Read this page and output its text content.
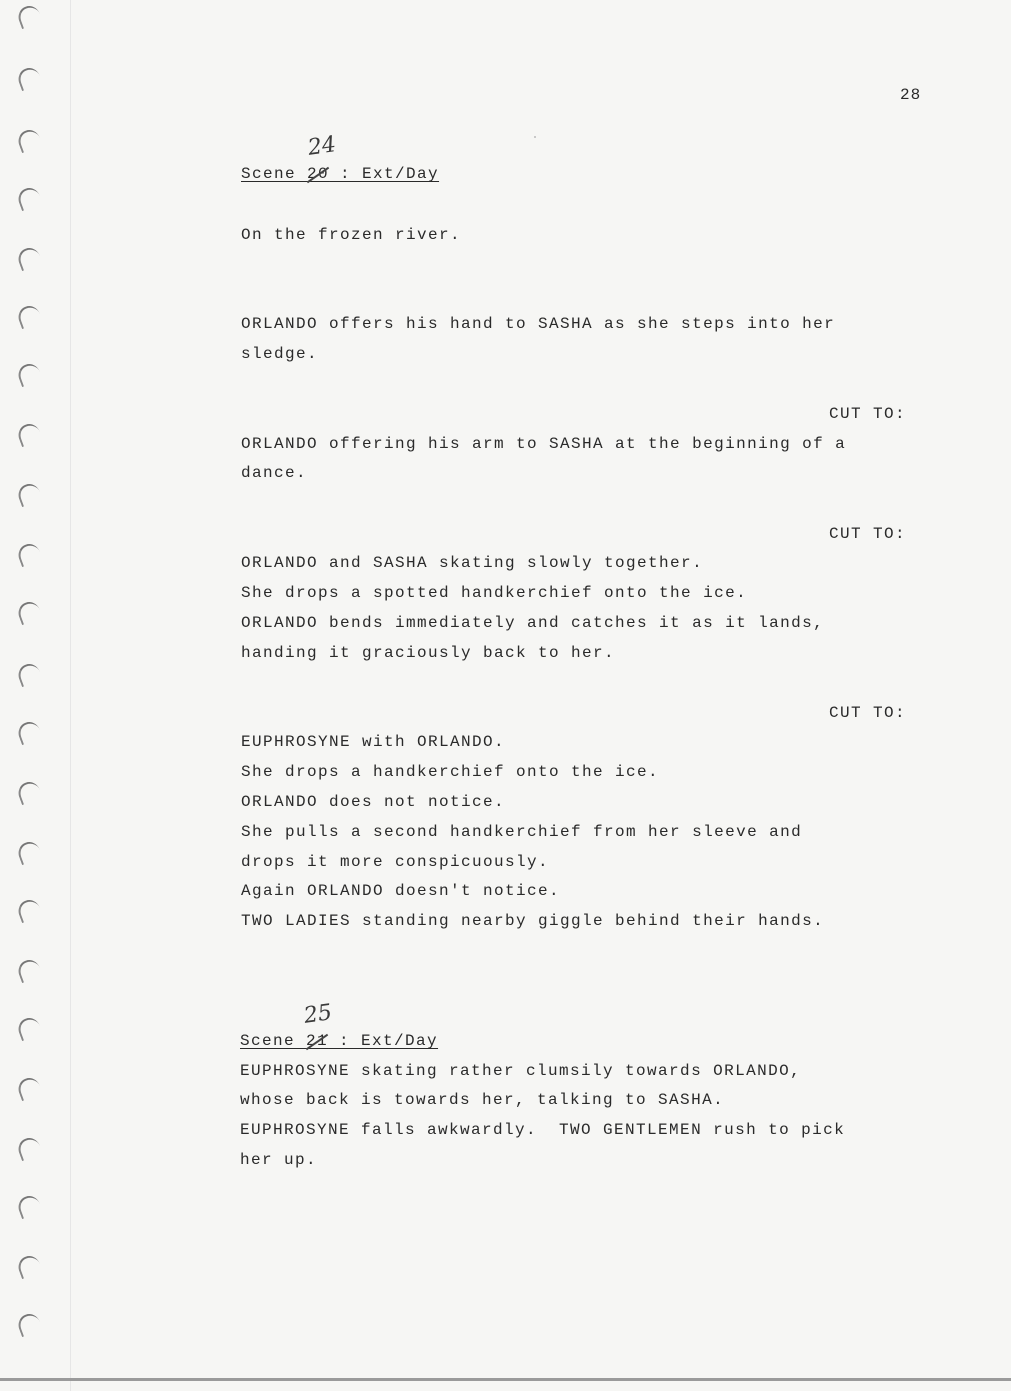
28
24
Scene 20 : Ext/Day
On the frozen river.
ORLANDO offers his hand to SASHA as she steps into her
sledge.
CUT TO:
ORLANDO offering his arm to SASHA at the beginning of a
dance.
CUT TO:
ORLANDO and SASHA skating slowly together.
She drops a spotted handkerchief onto the ice.
ORLANDO bends immediately and catches it as it lands,
handing it graciously back to her.
CUT TO:
EUPHROSYNE with ORLANDO.
She drops a handkerchief onto the ice.
ORLANDO does not notice.
She pulls a second handkerchief from her sleeve and
drops it more conspicuously.
Again ORLANDO doesn't notice.
TWO LADIES standing nearby giggle behind their hands.
25
Scene 21 : Ext/Day
EUPHROSYNE skating rather clumsily towards ORLANDO,
whose back is towards her, talking to SASHA.
EUPHROSYNE falls awkwardly.  TWO GENTLEMEN rush to pick
her up.
